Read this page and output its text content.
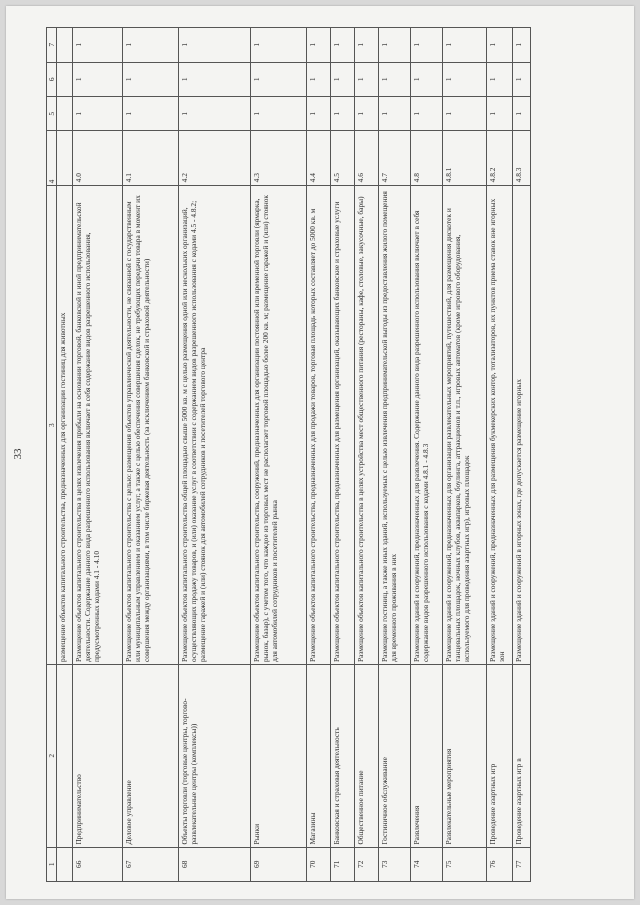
33
1	2	3	4	5	6	7
		размещение объектов капитального строительства, предназначенных для организации гостиниц для животных				
66	Предпринимательство	Размещение объектов капитального строительства в целях извлечения прибыли на основании торговой, банковской и иной предпринимательской деятельности. Содержание данного вида разрешенного использования включает в себя содержание видов разрешенного использования, предусмотренных кодами 4.1 - 4.10	4.0	1	1	1
67	Деловое управление	Размещение объектов капитального строительства с целью: размещения объектов управленческой деятельности, не связанной с государственным или муниципальным управлением и оказанием услуг, а также с целью обеспечения совершения сделок, не требующих передачи товара в момент их совершения между организациями, в том числе биржевая деятельность (за исключением банковской и страховой деятельности)	4.1	1	1	1
68	Объекты торговли (торговые центры, торгово-развлекательные центры (комплексы))	Размещение объектов капитального строительства общей площадью свыше 5000 кв. м с целью размещения одной или нескольких организаций, осуществляющих продажу товаров, и (или) оказание услуг в соответствии с содержанием видов разрешенного использования с кодами 4.5 - 4.8.2; размещение гаражей и (или) стоянок для автомобилей сотрудников и посетителей торгового центра	4.2	1	1	1
69	Рынки	Размещение объектов капитального строительства, сооружений, предназначенных для организации постоянной или временной торговли (ярмарка, рынок, базар), с учетом того, что каждое из торговых мест не располагает торговой площадью более 200 кв. м; размещение гаражей и (или) стоянок для автомобилей сотрудников и посетителей рынка	4.3	1	1	1
70	Магазины	Размещение объектов капитального строительства, предназначенных для продажи товаров, торговая площадь которых составляет до 5000 кв. м	4.4	1	1	1
71	Банковская и страховая деятельность	Размещение объектов капитального строительства, предназначенных для размещения организаций, оказывающих банковские и страховые услуги	4.5	1	1	1
72	Общественное питание	Размещение объектов капитального строительства в целях устройства мест общественного питания (рестораны, кафе, столовые, закусочные, бары)	4.6	1	1	1
73	Гостиничное обслуживание	Размещение гостиниц, а также иных зданий, используемых с целью извлечения предпринимательской выгоды из предоставления жилого помещения для временного проживания в них	4.7	1	1	1
74	Развлечения	Размещение зданий и сооружений, предназначенных для развлечения. Содержание данного вида разрешенного использования включает в себя содержание видов разрешенного использования с кодами 4.8.1 - 4.8.3	4.8	1	1	1
75	Развлекательные мероприятия	Размещение зданий и сооружений, предназначенных для организации развлекательных мероприятий, путешествий, для размещения дискотек и танцевальных площадок, ночных клубов, аквапарков, боулинга, аттракционов и т.п., игровых автоматов (кроме игрового оборудования, используемого для проведения азартных игр), игровых площадок	4.8.1	1	1	1
76	Проведение азартных игр	Размещение зданий и сооружений, предназначенных для размещения букмекерских контор, тотализаторов, их пунктов приема ставок вне игорных зон	4.8.2	1	1	1
77	Проведение азартных игр в	Размещение зданий и сооружений в игорных зонах, где допускается размещение игорных	4.8.3	1	1	1
